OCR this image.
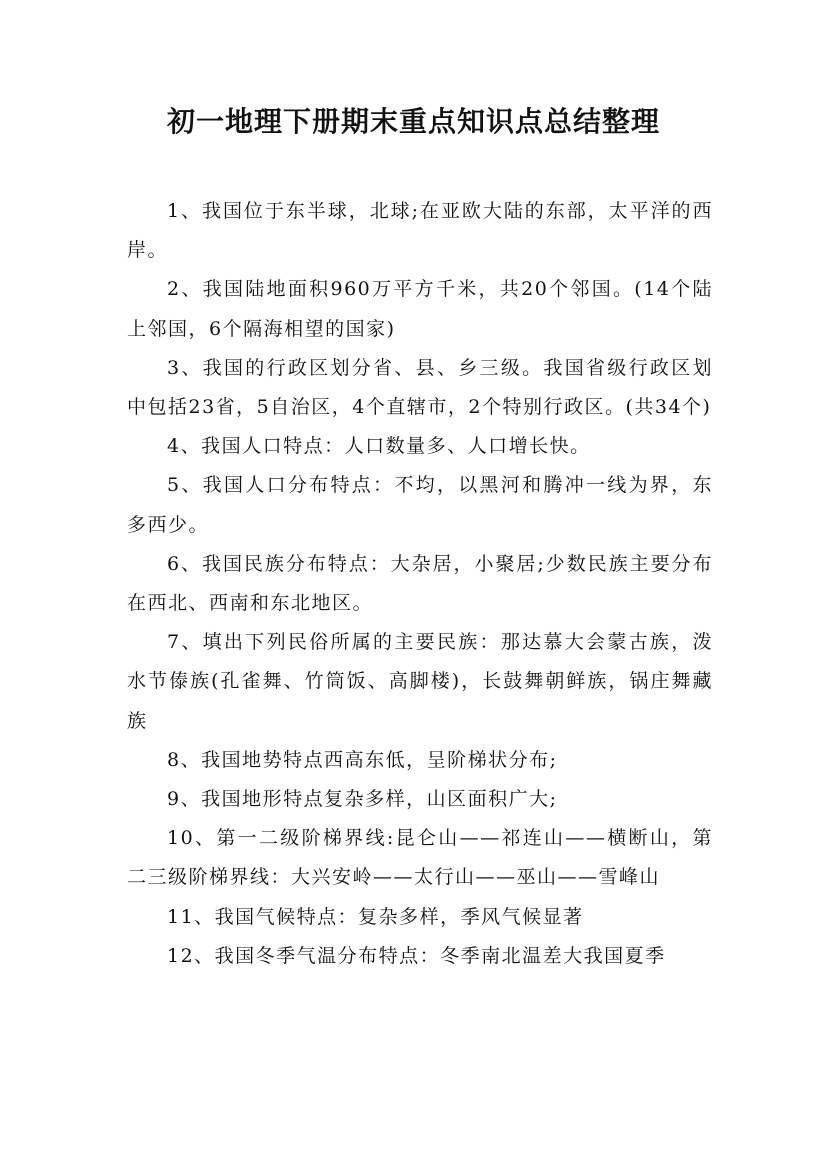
初一地理下册期末重点知识点总结整理

1、我国位于东半球，北球;在亚欧大陆的东部，太平洋的西岸。

2、我国陆地面积960万平方千米，共20个邻国。(14个陆上邻国，6个隔海相望的国家)

3、我国的行政区划分省、县、乡三级。我国省级行政区划中包括23省，5自治区，4个直辖市，2个特别行政区。(共34个)

4、我国人口特点：人口数量多、人口增长快。

5、我国人口分布特点：不均，以黑河和腾冲一线为界，东多西少。

6、我国民族分布特点：大杂居，小聚居;少数民族主要分布在西北、西南和东北地区。

7、填出下列民俗所属的主要民族：那达慕大会蒙古族，泼水节傣族(孔雀舞、竹筒饭、高脚楼)，长鼓舞朝鲜族，锅庄舞藏族

8、我国地势特点西高东低，呈阶梯状分布;

9、我国地形特点复杂多样，山区面积广大;

10、第一二级阶梯界线:昆仑山——祁连山——横断山，第二三级阶梯界线：大兴安岭——太行山——巫山——雪峰山

11、我国气候特点：复杂多样，季风气候显著

12、我国冬季气温分布特点：冬季南北温差大我国夏季
